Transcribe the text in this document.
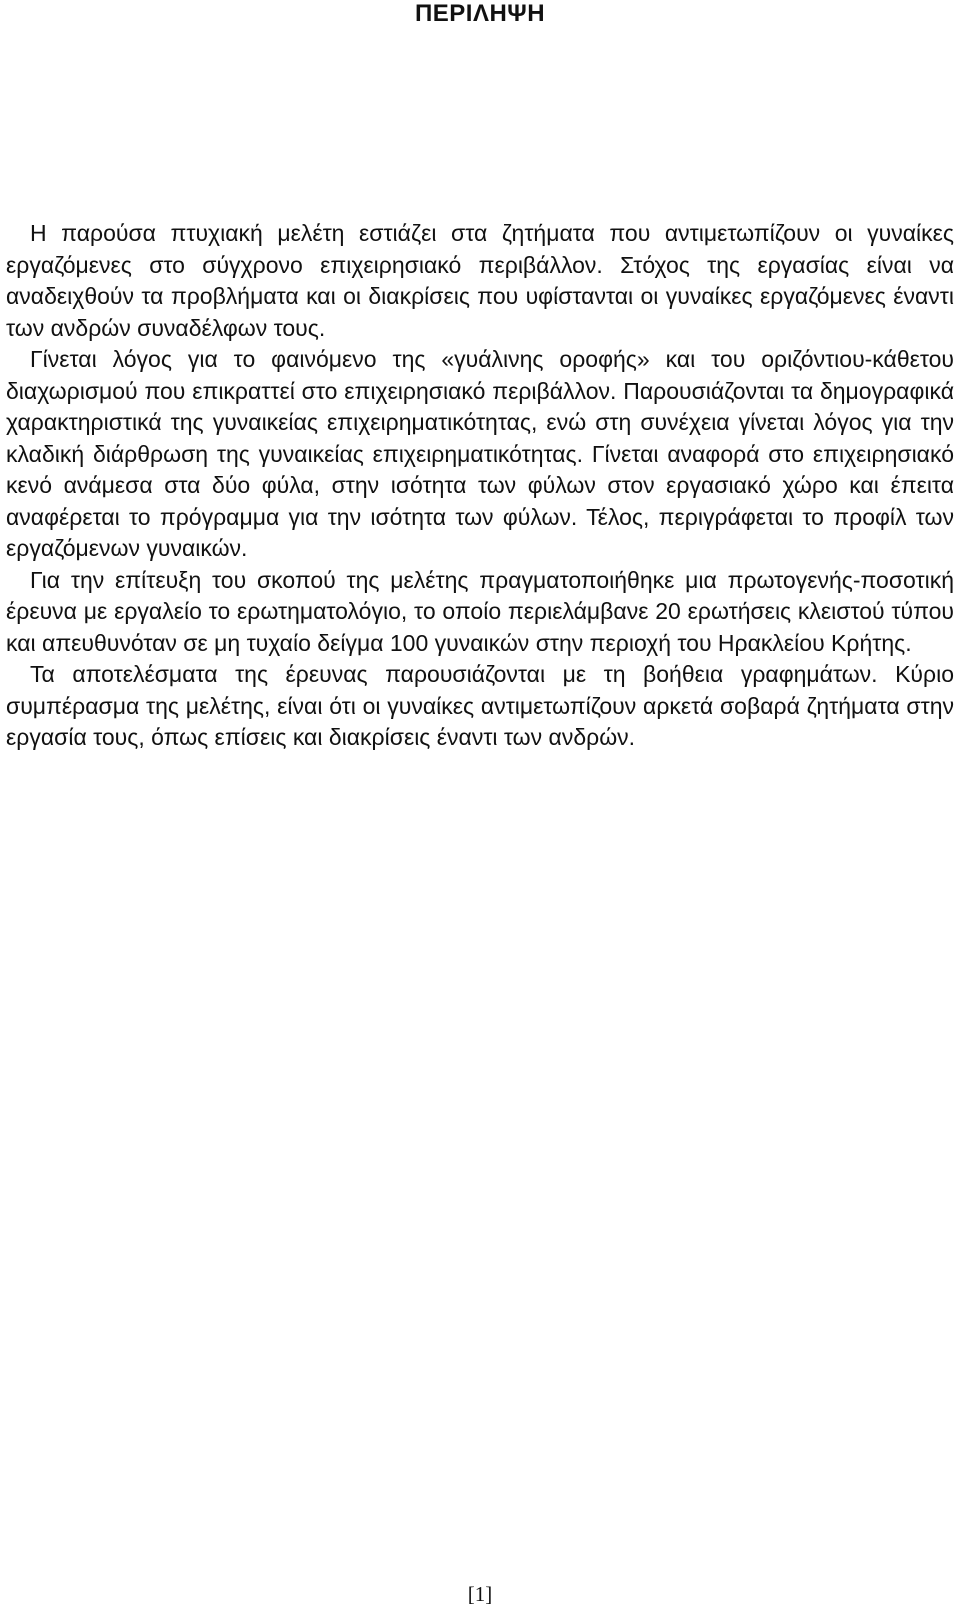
ΠΕΡΙΛΗΨΗ

Η παρούσα πτυχιακή μελέτη εστιάζει στα ζητήματα που αντιμετωπίζουν οι γυναίκες εργαζόμενες στο σύγχρονο επιχειρησιακό περιβάλλον. Στόχος της εργασίας είναι να αναδειχθούν τα προβλήματα και οι διακρίσεις που υφίστανται οι γυναίκες εργαζόμενες έναντι των ανδρών συναδέλφων τους.

Γίνεται λόγος για το φαινόμενο της «γυάλινης οροφής» και του οριζόντιου-κάθετου διαχωρισμού που επικραττεί στο επιχειρησιακό περιβάλλον. Παρουσιάζονται τα δημογραφικά χαρακτηριστικά της γυναικείας επιχειρηματικότητας, ενώ στη συνέχεια γίνεται λόγος για την κλαδική διάρθρωση της γυναικείας επιχειρηματικότητας. Γίνεται αναφορά στο επιχειρησιακό κενό ανάμεσα στα δύο φύλα, στην ισότητα των φύλων στον εργασιακό χώρο και έπειτα αναφέρεται το πρόγραμμα για την ισότητα των φύλων. Τέλος, περιγράφεται το προφίλ των εργαζόμενων γυναικών.

Για την επίτευξη του σκοπού της μελέτης πραγματοποιήθηκε μια πρωτογενής-ποσοτική έρευνα με εργαλείο το ερωτηματολόγιο, το οποίο περιελάμβανε 20 ερωτήσεις κλειστού τύπου και απευθυνόταν σε μη τυχαίο δείγμα 100 γυναικών στην περιοχή του Ηρακλείου Κρήτης.

Τα αποτελέσματα της έρευνας παρουσιάζονται με τη βοήθεια γραφημάτων. Κύριο συμπέρασμα της μελέτης, είναι ότι οι γυναίκες αντιμετωπίζουν αρκετά σοβαρά ζητήματα στην εργασία τους, όπως επίσεις και διακρίσεις έναντι των ανδρών.

[1]
